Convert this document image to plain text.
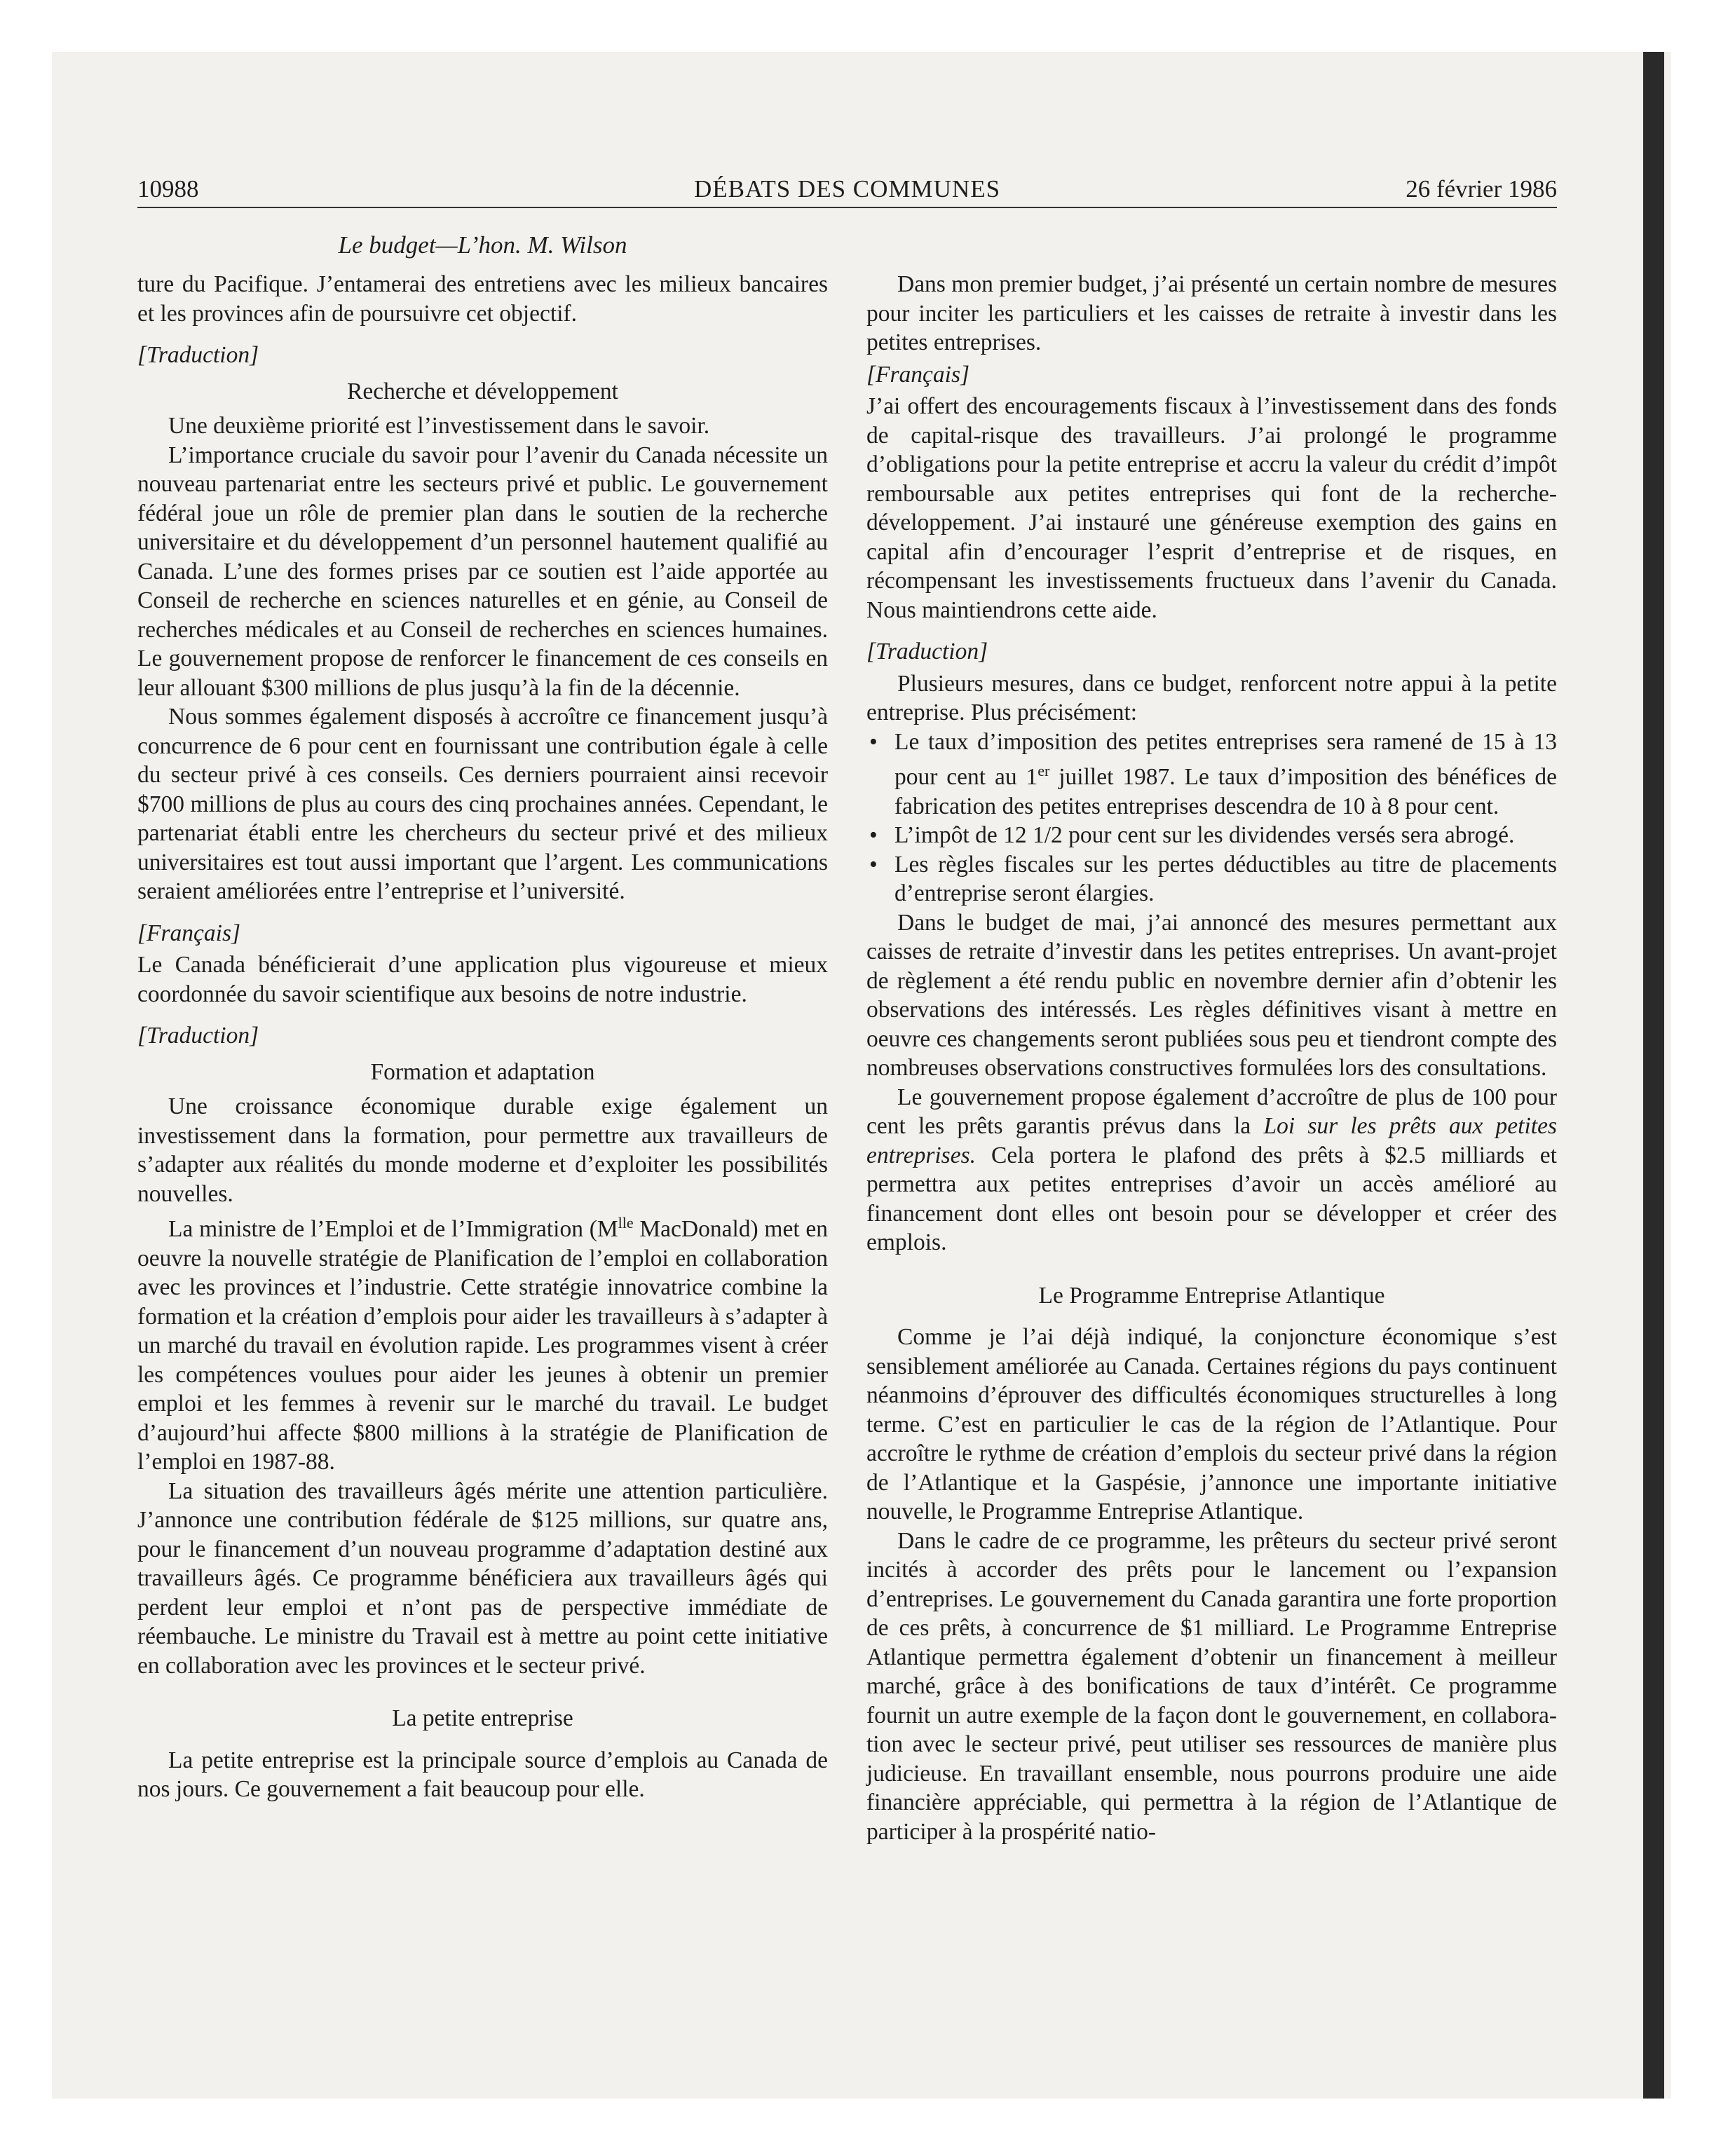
10988	DÉBATS DES COMMUNES	26 février 1986
Le budget—L’hon. M. Wilson

ture du Pacifique. J’entamerai des entretiens avec les milieux bancaires et les provinces afin de poursuivre cet objectif.

[Traduction]
Recherche et développement

Une deuxième priorité est l’investissement dans le savoir.

L’importance cruciale du savoir pour l’avenir du Canada nécessite un nouveau partenariat entre les secteurs privé et public. Le gouvernement fédéral joue un rôle de premier plan dans le soutien de la recherche universitaire et du développement d’un personnel hautement qualifié au Canada. L’une des formes prises par ce soutien est l’aide apportée au Conseil de recherche en sciences naturelles et en génie, au Conseil de recherches médicales et au Conseil de recherches en sciences humaines. Le gouvernement propose de renforcer le financement de ces conseils en leur allouant $300 millions de plus jusqu’à la fin de la décennie.

Nous sommes également disposés à accroître ce financement jusqu’à concurrence de 6 pour cent en fournissant une contribution égale à celle du secteur privé à ces conseils. Ces derniers pourraient ainsi recevoir $700 millions de plus au cours des cinq prochaines années. Cependant, le partenariat établi entre les chercheurs du secteur privé et des milieux universitaires est tout aussi important que l’argent. Les communications seraient améliorées entre l’entreprise et l’université.

[Français]

Le Canada bénéficierait d’une application plus vigoureuse et mieux coordonnée du savoir scientifique aux besoins de notre industrie.

[Traduction]
Formation et adaptation

Une croissance économique durable exige également un investissement dans la formation, pour permettre aux travailleurs de s’adapter aux réalités du monde moderne et d’exploiter les possibilités nouvelles.

La ministre de l’Emploi et de l’Immigration ($M^{lle}$ MacDonald) met en oeuvre la nouvelle stratégie de Planification de l’emploi en collaboration avec les provinces et l’industrie. Cette stratégie innovatrice combine la formation et la création d’emplois pour aider les travailleurs à s’adapter à un marché du travail en évolution rapide. Les programmes visent à créer les compétences voulues pour aider les jeunes à obtenir un premier emploi et les femmes à revenir sur le marché du travail. Le budget d’aujourd’hui affecte $800 millions à la stratégie de Planification de l’emploi en 1987-88.

La situation des travailleurs âgés mérite une attention particulière. J’annonce une contribution fédérale de $125 millions, sur quatre ans, pour le financement d’un nouveau programme d’adaptation destiné aux travailleurs âgés. Ce programme bénéficiera aux travailleurs âgés qui perdent leur emploi et n’ont pas de perspective immédiate de réembauche. Le ministre du Travail est à mettre au point cette initiative en collaboration avec les provinces et le secteur privé.

La petite entreprise

La petite entreprise est la principale source d’emplois au Canada de nos jours. Ce gouvernement a fait beaucoup pour elle.

Dans mon premier budget, j’ai présenté un certain nombre de mesures pour inciter les particuliers et les caisses de retraite à investir dans les petites entreprises.

[Français]

J’ai offert des encouragements fiscaux à l’investissement dans des fonds de capital-risque des travailleurs. J’ai prolongé le programme d’obligations pour la petite entreprise et accru la valeur du crédit d’impôt remboursable aux petites entreprises qui font de la recherche-développement. J’ai instauré une généreuse exemption des gains en capital afin d’encourager l’esprit d’entreprise et de risques, en récompensant les investissements fructueux dans l’avenir du Canada. Nous maintiendrons cette aide.

[Traduction]

Plusieurs mesures, dans ce budget, renforcent notre appui à la petite entreprise. Plus précisément:

• Le taux d’imposition des petites entreprises sera ramené de 15 à 13 pour cent au 1er juillet 1987. Le taux d’imposition des bénéfices de fabrication des petites entreprises descendra de 10 à 8 pour cent.
• L’impôt de 12 1/2 pour cent sur les dividendes versés sera abrogé.
• Les règles fiscales sur les pertes déductibles au titre de placements d’entreprise seront élargies.

Dans le budget de mai, j’ai annoncé des mesures permettant aux caisses de retraite d’investir dans les petites entreprises. Un avant-projet de règlement a été rendu public en novembre dernier afin d’obtenir les observations des intéressés. Les règles définitives visant à mettre en oeuvre ces changements seront publiées sous peu et tiendront compte des nombreuses observations constructives formulées lors des consultations.

Le gouvernement propose également d’accroître de plus de 100 pour cent les prêts garantis prévus dans la Loi sur les prêts aux petites entreprises. Cela portera le plafond des prêts à $2.5 milliards et permettra aux petites entreprises d’avoir un accès amélioré au financement dont elles ont besoin pour se développer et créer des emplois.

Le Programme Entreprise Atlantique

Comme je l’ai déjà indiqué, la conjoncture économique s’est sensiblement améliorée au Canada. Certaines régions du pays continuent néanmoins d’éprouver des difficultés économiques structurelles à long terme. C’est en particulier le cas de la région de l’Atlantique. Pour accroître le rythme de création d’emplois du secteur privé dans la région de l’Atlantique et la Gaspésie, j’annonce une importante initiative nouvelle, le Programme Entreprise Atlantique.

Dans le cadre de ce programme, les prêteurs du secteur privé seront incités à accorder des prêts pour le lancement ou l’expansion d’entreprises. Le gouvernement du Canada garantira une forte proportion de ces prêts, à concurrence de $1 milliard. Le Programme Entreprise Atlantique permettra également d’obtenir un financement à meilleur marché, grâce à des bonifications de taux d’intérêt. Ce programme fournit un autre exemple de la façon dont le gouvernement, en collaboration avec le secteur privé, peut utiliser ses ressources de manière plus judicieuse. En travaillant ensemble, nous pourrons produire une aide financière appréciable, qui permettra à la région de l’Atlantique de participer à la prospérité natio-
